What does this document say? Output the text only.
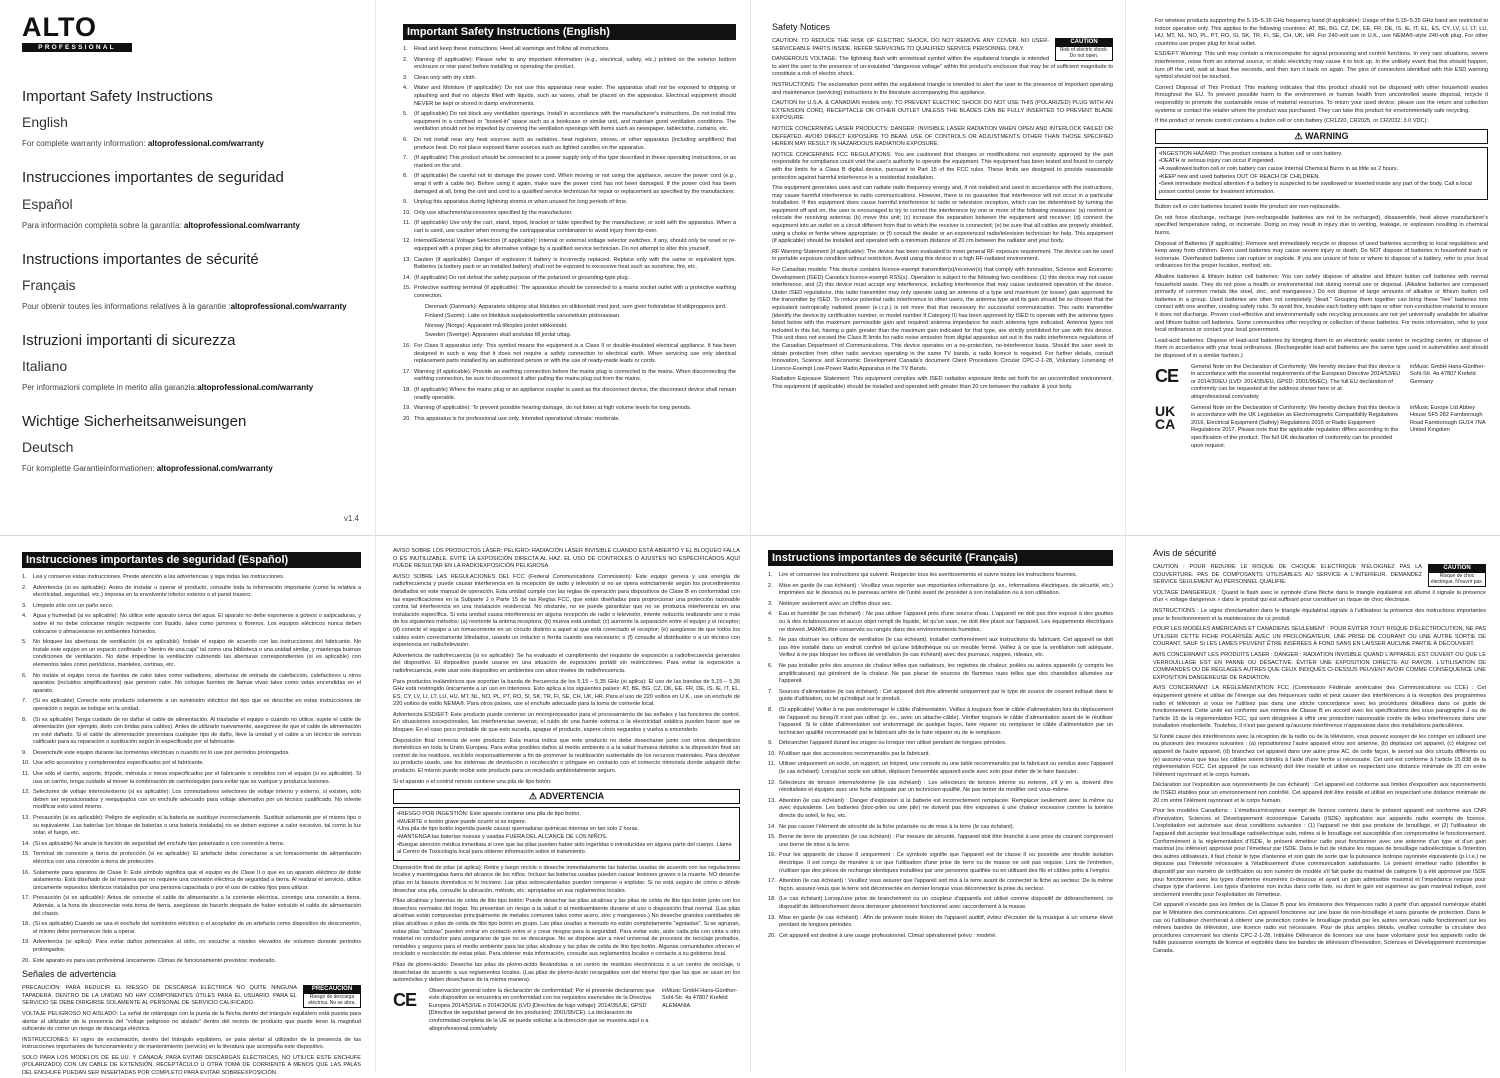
ALTO
PROFESSIONAL
Important Safety Instructions
English
For complete warranty information: altoprofessional.com/warranty
Instrucciones importantes de seguridad
Español
Para información completa sobre la garantía: altoprofessional.com/warranty
Instructions importantes de sécurité
Français
Pour obtenir toutes les informations relatives à la garantie :altoprofessional.com/warranty
Istruzioni importanti di sicurezza
Italiano
Per informazioni complete in merito alla garanzia:altoprofessional.com/warranty
Wichtige Sicherheitsanweisungen
Deutsch
Für komplette Garantieinformationen: altoprofessional.com/warranty
v1.4
Important Safety Instructions (English)
1.	Read and keep these instructions. Heed all warnings and follow all instructions.
2.	Warning (if applicable): Please refer to any important information (e.g., electrical, safety, etc.) printed on the exterior bottom enclosure or rear panel before installing or operating the product.
3.	Clean only with dry cloth.
4.	Water and Moisture (if applicable): Do not use this apparatus near water. The apparatus shall not be exposed to dripping or splashing and that no objects filled with liquids, such as vases, shall be placed on the apparatus. Electrical equipment should NEVER be kept or stored in damp environments.
5.	(If applicable) Do not block any ventilation openings. Install in accordance with the manufacturer's instructions. Do not install this equipment in a confined or "boxed-in" space such as a bookcase or similar unit, and maintain good ventilation conditions. The ventilation should not be impeded by covering the ventilation openings with items such as newspaper, tablecloths, curtains, etc.
6.	Do not install near any heat sources such as radiators, heat registers, stoves, or other apparatus (including amplifiers) that produce heat. Do not place exposed flame sources such as lighted candles on the apparatus.
7.	(If applicable) This product should be connected to a power supply only of the type described in these operating instructions, or as marked on the unit.
8.	(If applicable) Be careful not to damage the power cord. When moving or not using the appliance, secure the power cord (e.g., wrap it with a cable tie). Before using it again, make sure the power cord has not been damaged. If the power cord has been damaged at all, bring the unit and cord to a qualified service technician for repair or replacement as specified by the manufacturer.
9.	Unplug this apparatus during lightning storms or when unused for long periods of time.
10. Only use attachment/accessories specified by the manufacturer.
11. (If applicable) Use only the cart, stand, tripod, bracket or table specified by the manufacturer, or sold with the apparatus. When a cart is used, use caution when moving the cart/apparatus combination to avoid injury from tip-over.
12. Internal/External Voltage Selectors (if applicable): Internal or external voltage selector switches, if any, should only be reset or re-equipped with a proper plug for alternative voltage by a qualified service technician. Do not attempt to alter this yourself.
13. Caution (if applicable): Danger of explosion if battery is incorrectly replaced. Replace only with the same or equivalent type. Batteries (a battery pack or an installed battery) shall not be exposed to excessive heat such as sunshine, fire, etc.
14. (If applicable) Do not defeat the safety purpose of the polarized or grounding-type plug.
15. Protective earthing terminal (if applicable): The apparatus should be connected to a mains socket outlet with a protective earthing connection.
Denmark (Danmark): Apparatets stikprop skal tilsluttes en stikkontakt med jord, som giver forbindelse til stikproppens jord.
Finland (Suomi): Laite on liitettävä suojakoskettimilla varustettuun pistorasiaan.
Norway (Norge): Apparatet må tilkoples jordet stikkontakt.
Sweden (Sverige): Apparaten skall anslutas till jordat uttag.
16. For Class II apparatus only: This symbol means the equipment is a Class II or double-insulated electrical appliance. It has been designed in such a way that it does not require a safety connection to electrical earth. When servicing use only identical replacement parts installed by an authorized person or with the use of ready-made leads or cords.
17. Warning (if applicable): Provide an earthing connection before the mains plug is connected to the mains. When disconnecting the earthing connection, be sure to disconnect it after pulling the mains plug out from the mains.
18. (If applicable) Where the mains plug or an appliance coupler is used as the disconnect device, the disconnect device shall remain readily operable.
19. Warning (if applicable): To prevent possible hearing damage, do not listen at high volume levels for long periods.
20. This apparatus is for professional use only. Intended operational climate: moderate.
Safety Notices
CAUTION
Risk of electric shock. Do not open.

CAUTION: TO REDUCE THE RISK OF ELECTRIC SHOCK, DO NOT REMOVE ANY COVER. NO USER-SERVICEABLE PARTS INSIDE. REFER SERVICING TO QUALIFIED SERVICE PERSONNEL ONLY.

DANGEROUS VOLTAGE: The lightning flash with arrowhead symbol within the equilateral triangle is intended to alert the user to the presence of un-insulated "dangerous voltage" within the product's enclosure that may be of sufficient magnitude to constitute a risk of electric shock.

INSTRUCTIONS: The exclamation point within the equilateral triangle is intended to alert the user to the presence of important operating and maintenance (servicing) instructions in the literature accompanying this appliance.

CAUTION for U.S.A. & CANADIAN models only: TO PREVENT ELECTRIC SHOCK DO NOT USE THIS (POLARIZED) PLUG WITH AN EXTENSION CORD, RECEPTACLE OR OTHER OUTLET UNLESS THE BLADES CAN BE FULLY INSERTED TO PREVENT BLADE EXPOSURE.

NOTICE CONCERNING LASER PRODUCTS: DANGER: INVISIBLE LASER RADIATION WHEN OPEN AND INTERLOCK FAILED OR DEFEATED. AVOID DIRECT EXPOSURE TO BEAM. USE OF CONTROLS OR ADJUSTMENTS OTHER THAN THOSE SPECIFIED HEREIN MAY RESULT IN HAZARDOUS RADIATION EXPOSURE.

NOTICE CONCERNING FCC REGULATIONS: You are cautioned that changes or modifications not expressly approved by the part responsible for compliance could void the user's authority to operate the equipment. This equipment has been tested and found to comply with the limits for a Class B digital device, pursuant to Part 15 of the FCC rules. These limits are designed to provide reasonable protection against harmful interference in a residential installation.

This equipment generates uses and can radiate radio frequency energy and, if not installed and used in accordance with the instructions, may cause harmful interference to radio communications. However, there is no guarantee that interference will not occur in a particular installation. If this equipment does cause harmful interference to radio or television reception, which can be determined by turning the equipment off and on, the user is encouraged to try to correct the interference by one or more of the following measures: (a) reorient or relocate the receiving antenna; (b) move this unit; (c) increase the separation between the equipment and receiver; (d) connect the equipment into an outlet on a circuit different from that to which the receiver is connected; (e) be sure that all cables are properly shielded, using a choke or ferrite where appropriate; or (f) consult the dealer or an experienced radio/television technician for help. This equipment (if applicable) should be installed and operated with a minimum distance of 20 cm between the radiator and your body.

RF Warning Statement (if applicable): The device has been evaluated to meet general RF exposure requirement. The device can be used in portable exposure condition without restriction. Avoid using this device in a high RF-radiated environment.

For Canadian models: This device contains licence-exempt transmitter(s)/receiver(s) that comply with Innovation, Science and Economic Development (ISED) Canada's licence-exempt RSS(s). Operation is subject to the following two conditions: (1) this device may not cause interference, and (2) this device must accept any interference, including interference that may cause undesired operation of the device. Under ISED regulations, this radio transmitter may only operate using an antenna of a type and maximum (or lesser) gain approved for the transmitter by ISED. To reduce potential radio interference to other users, the antenna type and its gain should be so chosen that the equivalent isotropically radiated power (e.i.r.p.) is not more that that necessary for successful communication. This radio transmitter (identify the device by certification number, or model number if Category II) has been approved by ISED to operate with the antenna types listed below with the maximum permissible gain and required antenna impedance for each antenna type indicated. Antenna types not included in this list, having a gain greater than the maximum gain indicated for that type, are strictly prohibited for use with this device. This unit does not exceed the Class B limits for radio noise emission from digital apparatus set out in the radio interference regulations of the Canadian Department of Communications. This device operates on a no-protection, no-interference basis. Should the user seek to obtain protection from other radio services operating in the same TV bands, a radio licence is required. For further details, consult Innovation, Science and Economic Development Canada's document Client Procedures Circular CPC-2-1-28, Voluntary Licensing of Licence-Exempt Low-Power Radio Apparatus in the TV Bands.

Radiation Exposure Statement: This equipment complies with ISED radiation exposure limits set forth for an uncontrolled environment. This equipment (if applicable) should be installed and operated with greater than 20 cm between the radiator & your body.

For wireless products supporting the 5.15–5.35 GHz frequency band (if applicable): Usage of the 5.15–5.35 GHz band are restricted to indoor operation only. This applies to the following countries: AT, BE, BG, CZ, DK, EE, FR, DE, IS, IE, IT, EL, ES, CY, LV, LI, LT, LU, HU, MT, NL, NO, PL, PT, RO, SI, SK, TR, FI, SE, CH, UK, HR. For 240-volt use in U.K., use NEMA®-style 240-volt plug. For other countries use proper plug for local outlet.

ESD/EFT Warning: This unit may contain a microcomputer for signal processing and control functions. In very rare situations, severe interference, noise from an external source, or static electricity may cause it to lock up. In the unlikely event that this should happen, turn off the unit, wait at least five seconds, and then turn it back on again. The pins of connectors identified with this ESD warning symbol should not be touched.

Correct Disposal of This Product: This marking indicates that this product should not be disposed with other household wastes throughout the EU. To prevent possible harm to the environment or human health from uncontrolled waste disposal, recycle it responsibly to promote the sustainable reuse of material resources. To return your used device, please use the return and collection systems or contact the retailer where the product was purchased. They can take this product for environmentally safe recycling.

If the product or remote control contains a button cell or coin battery (CR1220, CR2025, or CR2032; 3.0 VDC):

⚠ WARNING
• INGESTION HAZARD: This product contains a button cell or coin battery.
• DEATH or serious injury can occur if ingested.
• A swallowed button cell or coin battery can cause Internal Chemical Burns in as little as 2 hours.
• KEEP new and used batteries OUT OF REACH OF CHILDREN.
• Seek immediate medical attention if a battery is suspected to be swallowed or inserted inside any part of the body. Call a local poison control center for treatment information.

Button cell or coin batteries located inside the product are non-replaceable.

Do not force discharge, recharge (non-rechargeable batteries are not to be recharged), disassemble, heat above manufacturer's specified temperature rating, or incinerate. Doing so may result in injury due to venting, leakage, or explosion resulting in chemical burns.

Disposal of Batteries (if applicable): Remove and immediately recycle or dispose of used batteries according to local regulations and keep away from children. Even used batteries may cause severe injury or death. Do NOT dispose of batteries in household trash or incinerate. Overheated batteries can rupture or explode. If you are unsure of how or where to dispose of a battery, refer to your local ordinances for the proper location, method, etc.

Alkaline batteries & lithium button cell batteries: You can safely dispose of alkaline and lithium button cell batteries with normal household waste. They do not pose a health or environmental risk during normal use or disposal. (Alkaline batteries are composed primarily of common metals like steel, zinc, and manganese.) Do not dispose of large amounts of alkaline or lithium button cell batteries in a group. Used batteries are often not completely "dead." Grouping them together can bring these "live" batteries into contact with one another, creating safety risks. To avoid this, insulate each battery with tape or other non-conductive material to ensure it does not discharge. Proven cost-effective and environmentally safe recycling processes are not yet universally available for alkaline and lithium button cell batteries. Some communities offer recycling or collection of these batteries. For more information, refer to your local ordinances or contact your local government.

Lead-acid batteries: Dispose of lead-acid batteries by bringing them to an electronic waste center or recycling center, or dispose of them in accordance with your local ordinances. (Rechargeable lead-acid batteries are the same type used in automobiles and should be disposed of in a similar fashion.)

CE	General Note on the Declaration of Conformity: We hereby declare that this device is in accordance with the essential requirements of the European Directive 2014/53/EU or 2014/30/EU (LVD: 2014/35/EU, GPSD: 2001/95/EC). The full EU declaration of conformity can be requested at the address shown here or at altoprofessional.com/safety
inMusic GmbH Hans-Günther-Sohl-Str. 4a 47807 Krefeld Germany
UK CA
General Note on the Declaration of Conformity: We hereby declare that this device is in accordance with the UK Legislation as Electromagnetic Compatibility Regulations 2016, Electrical Equipment (Safety) Regulations 2016 or Radio Equipment Regulations 2017. Please note that the applicable regulation differs according to the specification of the product. The full UK declaration of conformity can be provided upon request.
inMusic Europe Ltd Abbey House SF5 282 Farnborough Road Farnborough GU14 7NA United Kingdom
Instrucciones importantes de seguridad (Español)
1.	Lea y conserve estas instrucciones. Preste atención a las advertencias y siga todas las instrucciones.
2.	Advertencia (si es aplicable): Antes de instalar u operar el producto, consulte toda la información importante (como la relativa a electricidad, seguridad, etc.) impresa en la envolvente inferior exterior o el panel trasero.
3.	Límpielo sólo con un paño seco.
4.	Agua y humedad (si es aplicable): No utilice este aparato cerca del agua. El aparato no debe exponerse a goteos o salpicaduras, y sobre él no debe colocarse ningún recipiente con líquido, tales como jarrones o floreros. Los equipos eléctricos nunca deben colocarse o almacenarse en ambientes húmedos.
5.	No bloquee las aberturas de ventilación (si es aplicable). Instale el equipo de acuerdo con las instrucciones del fabricante. No instale este equipo en un espacio confinado o "dentro de una caja" tal como una biblioteca o una unidad similar, y mantenga buenas condiciones de ventilación. No debe impedirse la ventilación cubriendo las aberturas correspondientes (si es aplicable) con elementos tales como periódicos, manteles, cortinas, etc.
6.	No instale el equipo cerca de fuentes de calor tales como radiadores, aberturas de entrada de calefacción, calefactores u otros aparatos (incluidos amplificadores) que generen calor. No coloque fuentes de llamas vivas tales como velas encendidas en el aparato.
7.	(Si es aplicable) Conecte este producto solamente a un suministro eléctrico del tipo que se describe en estas instrucciones de operación o según se indique en la unidad.
8.	(Si es aplicable) Tenga cuidado de no dañar el cable de alimentación. Al trasladar el equipo o cuando no utilice, sujete el cable de alimentación (por ejemplo, átelo con bridas para cables). Antes de utilizarlo nuevamente, asegúrese de que el cable de alimentación no esté dañado. Si el cable de alimentación presentara cualquier tipo de daño, lleve la unidad y el cable a un técnico de servicio calificado para su reparación o sustitución según lo especificado por el fabricante.
9.	Desenchufe este equipo durante las tormentas eléctricas o cuando no lo use por períodos prolongados.
10. Use sólo accesorios y complementos especificados por el fabricante.
11. Use sólo el carrito, soporte, trípode, ménsula o mesa especificados por el fabricante o vendidos con el equipo (si es aplicable). Si usa un carrito, tenga cuidado al mover la combinación de carrito/equipo para evitar que se vuelque y produzca lesiones.
12. Selectores de voltaje interno/externo (si es aplicable): Los conmutadores selectores de voltaje interno y externo, si existen, sólo deben ser reposicionados y reequipados con un enchufe adecuado para voltaje alternativo por un técnico cualificado. No intente modificar esto usted mismo.
13. Precaución (si es aplicable): Peligro de explosión si la batería se sustituye incorrectamente. Sustituir solamente por el mismo tipo o su equivalente. Las baterías (un bloque de baterías o una batería instalada) no se deben exponer a calor excesivo, tal como la luz solar, el fuego, etc.
14. (Si es aplicable) No anule la función de seguridad del enchufe tipo polarizado o con conexión a tierra.
15. Terminal de conexión a tierra de protección (si es aplicable): El artefacto debe conectarse a un tomacorriente de alimentación eléctrica con una conexión a tierra de protección.
16. Solamente para aparatos de Clase II: Este símbolo significa que el equipo es de Clase II o que es un aparato eléctrico de doble aislamiento. Está diseñado de tal manera que no requiere una conexión eléctrica de seguridad a tierra. Al realizar el servicio, utilice únicamente repuestos idénticos instalados por una persona capacitada o por el uso de cables fijos para utilizar.
17. Precaución (si es aplicable): Antes de conectar el cable de alimentación a la corriente eléctrica, conmigo una conexión a tierra. Además, a la hora de desconectar esta toma de tierra, asegúrese de hacerlo después de haber extraído el cable de alimentación del chasis.
18. (Si es aplicable) Cuando se usa el enchufe del suministro eléctrico o el acoplador de un artefacto como dispositivo de desconexión, el mismo debe permanecer listo a operar.
19. Advertencia (si aplica): Para evitar daños potenciales al oído, no escuche a niveles elevados de volumen durante periodos prolongados.
20. Este aparato es para uso profesional únicamente. Climas de funcionamiento previstos: moderado.
Señales de advertencia
PRECAUCIÓN
Riesgo de descarga eléctrica. No se abra.

PRECAUCIÓN: PARA REDUCIR EL RIESGO DE DESCARGA ELÉCTRICA NO QUITE NINGUNA TAPADERA. DENTRO DE LA UNIDAD NO HAY COMPONENTES ÚTILES PARA EL USUARIO. PARA EL SERVICIO SE DEBE DIRIGIRSE SOLAMENTE AL PERSONAL DE SERVICIO CALIFICADO.

VOLTAJE PELIGROSO NO AISLADO: La señal de relámpago con la punta de la flecha dentro del triángulo equilátero está puesta para alertar al utilizador de la presencia del "voltaje peligroso no aislado" dentro del recinto de producto que puede tener la magnitud suficiente de correr un riesgo de descarga eléctrica.

INSTRUCCIONES: El signo de exclamación, dentro del triángulo equilátero, se para alertar al utilizador de la presencia de las instrucciones importantes de funcionamiento y de mantenimiento (servicio) en la literatura que acompaña este dispositivo.

SOLO PARA LOS MODELOS DE EE.UU. Y CANADÁ: PARA EVITAR DESCARGAS ELÉCTRICAS, NO UTILICE ESTE ENCHUFE (POLARIZADO) CON UN CABLE DE EXTENSIÓN, RECEPTÁCULO U OTRA TOMA DE CORRIENTE A MENOS QUE LAS PALAS DEL ENCHUFE PUEDAN SER INSERTADAS POR COMPLETO PARA EVITAR SOBREEXPOSICIÓN.

AVISO SOBRE LOS PRODUCTOS LÁSER: PELIGRO: RADIACIÓN LÁSER INVISIBLE CUANDO ESTÁ ABIERTO Y EL BLOQUEO FALLA O ES INUTILIZABLE. EVITE LA EXPOSICIÓN DIRECTA AL HAZ. EL USO DE CONTROLES O AJUSTES NO ESPECIFICADOS AQUÍ PUEDE RESULTAR EN LA RADIOEXPOSICIÓN PELIGROSA.

AVISO SOBRE LAS REGULACIONES DEL FCC (Federal Communications Commission): Este equipo genera y usa energía de radiofrecuencia y puede causar interferencia en la recepción de radio y televisión si no se opera estrictamente según los procedimientos detallados en este manual de operación. Esta unidad cumple con las reglas de operación para dispositivos de Clase B en conformidad con las especificaciones en la Subparte J o Parte 15 de las Reglas FCC, que están diseñadas para proporcionar una protección razonable contra tal interferencia en una instalación residencial. No obstante, no se puede garantizar que no se produzca interferencia en una instalación específica. Si esta unidad causa interferencia en alguna recepción de radio o televisión, intente reducirla realizando uno o más de los siguientes métodos: (a) reoriente la antena receptora; (b) mueva esta unidad; (c) aumente la separación entre el equipo y el receptor; (d) conecte el equipo a un tomacorriente en un circuito distinto a aquel al que está conectado el receptor; (e) asegúrese de que todos los cables estén correctamente blindados, usando un inductor o ferrita cuando sea necesario; o (f) consulte al distribuidor o a un técnico con experiencia en radio/televisión.

Advertencia de radiofrecuencia (si es aplicable): Se ha evaluado el cumplimiento del requisito de exposición a radiofrecuencia generales del dispositivo. El dispositivo puede usarse en una situación de exposición portátil sin restricciones. Para evitar la exposición a radiofrecuencia, evite usar este dispositivo en ambientes con altos niveles de radiofrecuencia.

Para productos inalámbricos que soportan la banda de frecuencia de los 5,15 – 5,35 GHz (si aplica): El uso de las bandas de 5,15 – 5,35 GHz está restringido únicamente a un uso en interiores. Esto aplica a los siguientes países: AT, BE, BG, CZ, DK, EE, FR, DE, IS, IE, IT, EL, ES, CY, LV, LI, LT, LU, HU, MT, NL, NO, PL, PT, RO, SI, SK, TR, FI, SE, CH, UK, HR. Para el uso de 220 voltios en U.K., use un enchufe de 220 voltios de estilo NEMA®. Para otros países, use el enchufe adecuado para la toma de corriente local.

Advertencia ESD/EFT: Este producto puede contener un microprocesador para el procesamiento de las señales y las funciones de control. En situaciones excepcionales, las interferencias severas, el ruido de una fuente externa o la electricidad estática pueden hacer que se bloquee. En el caso poco probable de que esto suceda, apague el producto, espere cinco segundos y vuelva a encenderlo.

Disposición final correcta de este producto: Esta marca indica que este producto no debe desecharse junto con otros desperdicios domésticos en toda la Unión Europea. Para evitar posibles daños al medio ambiente o a la salud humana debidos a la disposición final sin control de los residuos, recíclelo responsablemente a fin de promover la reutilización sustentable de los recursos materiales. Para devolver su producto usado, use los sistemas de devolución o recolección o póngase en contacto con el comercio minorista donde adquirió dicho producto. El mismo puede recibir este producto para un reciclado ambientalmente seguro.

Si el aparato o el control remoto contiene una pila de tipo botón:

⚠ ADVERTENCIA
• RIESGO POR INGESTIÓN: Este aparato contiene una pila de tipo botón.
• MUERTE o lesión grave puede ocurrir si se ingiere.
• Una pila de tipo botón ingerida puede causar quemaduras químicas internas en tan solo 2 horas.
• MANTENGA las baterías nuevas y usadas FUERA DEL ALCANCE DE LOS NIÑOS.
• Busque atención médica inmediata si cree que las pilas pueden haber sido ingeridas o introducidas en alguna parte del cuerpo. Llame al Centro de Toxicología local para obtener información sobre el tratamiento.

Disposición final de pilas (si aplica): Retire y luego recicle o deseche inmediatamente las baterías usadas de acuerdo con las regulaciones locales y manténgalas fuera del alcance de los niños. Incluso las baterías usadas pueden causar lesiones graves o la muerte. NO deseche pilas en la basura doméstica ni lo incinere. Las pilas sobrecalentadas pueden romperse o explotar. Si no está seguro de cómo o dónde desechar una pila, consulte la ubicación, método, etc. apropiados en sus reglamentos locales.

Pilas alcalinas y baterías de celda de litio tipo botón: Puede desechar las pilas alcalinas y las pilas de celda de litio tipo botón junto con los desechos normales del hogar. No presentan un riesgo a la salud o al medioambiente durante el uso o disposición final normal. (Las pilas alcalinas están compuestas principalmente de metales comunes tales como acero, zinc y manganeso.) No deseche grandes cantidades de pilas alcalinas o pilas de celda de litio tipo botón en grupo. Las pilas usadas a menudo no están completamente "agotadas". Si se agrupan, estas pilas "activas" pueden entrar en contacto entre sí y crear riesgos para la seguridad. Para evitar esto, aísle cada pila con cinta u otro material no conductor para asegurarse de que no se descargue. No se dispone aún a nivel universal de procesos de reciclaje probados, rentables y seguros para el medio ambiente para las pilas alcalinas y las pilas de celda de litio tipo botón. Algunas comunidades ofrecen el reciclado o recolección de estas pilas. Para obtener más información, consulte sus reglamentos locales o contacte a su gobierno local.

Pilas de plomo-ácido: Deseche las pilas de plomo-ácido llevándolas a un centro de residuos electrónicos o a un centro de reciclaje, o deséchelas de acuerdo a sus reglamentos locales. (Las pilas de plomo-ácido recargables son del mismo tipo que las que se usan en los automóviles y deben desecharse de la misma manera).

CE	Observación general sobre la declaración de conformidad: Por el presente declaramos que este dispositivo se encuentra en conformidad con los requisitos esenciales de la Directiva Europea 2014/53/UE o 2014/30/UE (LVD [Directiva de bajo voltaje]: 2014/35/UE; GPSD [Directiva de seguridad general de los productos]: 2001/95/CE). La declaración de conformidad completa de la UE se puede solicitar a la dirección que se muestra aquí o a altoprofessional.com/safety
inMusic GmbH Hans-Günther-Sohl-Str. 4a 47807 Krefeld ALEMANIA
Instructions importantes de sécurité (Français)
1.	Lire et conserver les instructions qui suivent. Respecter tous les avertissements et suivre toutes les instructions fournies.
2.	Mise en garde (le cas échéant) : Veuillez vous reporter aux importantes informations (p. ex., informations électriques, de sécurité, etc.) imprimées sur le dessous ou le panneau arrière de l'unité avant de procéder à son installation ou à son utilisation.
3.	Nettoyer seulement avec un chiffon doux sec.
4.	Eau et humidité (le cas échéant) : Ne pas utiliser l'appareil près d'une source d'eau. L'appareil ne doit pas être exposé à des gouttes ou à des éclaboussures et aucun objet rempli de liquide, tel qu'un vase, ne doit être placé sur l'appareil. Les équipements électriques ne doivent JAMAIS être conservés ou rangés dans des environnements humides.
5.	Ne pas obstruer les orifices de ventilation (le cas échéant). Installer conformément aux instructions du fabricant. Cet appareil ne doit pas être installé dans un endroit confiné tel qu'une bibliothèque ou un meuble fermé. Veillez à ce que la ventilation soit adéquate. Veillez à ne pas bloquer les orifices de ventilation (le cas échéant) avec des journaux, nappes, rideaux, etc.
6.	Ne pas installer près des sources de chaleur telles que radiateurs, les registres de chaleur, poêles ou autres appareils (y compris les amplificateurs) qui génèrent de la chaleur. Ne pas placer de sources de flammes nues telles que des chandelles allumées sur l'appareil.
7.	Sources d'alimentation (le cas échéant) : Cet appareil doit être alimenté uniquement par le type de source de courant indiqué dans le guide d'utilisation, ou tel qu'indiqué sur le produit.
8.	(Si applicable) Veiller à ne pas endommager le câble d'alimentation. Veillez à toujours fixer le câble d'alimentation lors du déplacement de l'appareil ou lorsqu'il n'est pas utilisé (p. ex., avec un attache-câble). Vérifier toujours le câble d'alimentation avant de le réutiliser l'appareil. Si le câble d'alimentation est endommagé de quelque façon, faire réparer ou remplacer le câble d'alimentation par un technicien qualifié recommandé par le fabricant afin de le faire réparer ou de le remplacer.
9.	Débrancher l'appareil durant les orages ou lorsque non utilisé pendant de longues périodes.
10. N'utiliser que des accessoires recommandés par le fabricant.
11. Utiliser uniquement un socle, un support, un trépied, une console ou une table recommandés par le fabricant ou vendus avec l'appareil (le cas échéant). Lorsqu'un socle est utilisé, déplacer l'ensemble appareil-socle avec soin pour éviter de le faire basculer.
12. Sélecteurs de tension interne/externe (le cas échéant) : Les sélecteurs de tension interne ou externe, s'il y en a, doivent être réinitialisés et équipés avec une fiche adéquate par un technicien qualifié. Ne pas tenter de modifier ceci vous-même.
13. Attention (le cas échéant) : Danger d'explosion si la batterie est incorrectement remplacée. Remplacer seulement avec la même ou avec équivalente. Les batteries (bloc-piles ou une pile) ne doivent pas être exposées à une chaleur excessive comme la lumière directe du soleil, le feu, etc.
14. Ne pas casser l'élément de sécurité de la fiche polarisée ou de mise à la terre (le cas échéant).
15. Borne de terre de protection (le cas échéant) : Par mesure de sécurité, l'appareil doit être branché à une prise de courant comprenant une borne de mise à la terre.
16. Pour les appareils de classe II uniquement : Ce symbole signifie que l'appareil est de classe II ou possède une double isolation électrique. Il est conçu de manière à ce que l'utilisation d'une prise de terre ou de masse ne soit pas requise. Lors de l'entretien, n'utiliser que des pièces de rechange identiques installées par une personne qualifiée ou en utilisant des fils et câbles prêts à l'emploi.
17. Attention (le cas échéant) : Veuillez vous assurer que l'appareil soit mis à la terre avant de connecter la fiche au secteur. De la même façon, assurez-vous que la terre soit déconnectée en dernier lorsque vous déconnectez la prise du secteur.
18. (Le cas échéant) Lorsqu'une prise de branchement ou un coupleur d'appareils est utilisé comme dispositif de débranchement, ce dispositif de débranchement devra demeurer pleinement fonctionnel avec raccordement à la masse.
19. Mise en garde (le cas échéant) : Afin de prévenir toute lésion de l'appareil auditif, évitez d'écouter de la musique à un volume élevé pendant de longues périodes.
20. Cet appareil est destiné à une usage professionnel. Climat opérationnel prévu : modéré.
Avis de sécurité
CAUTION
Risque de choc électrique. N'ouvrir pas.

CAUTION : POUR REDUIRE LE RISQUE DE CHOQUE ELECTRIQUE N'ELOIGNEZ PAS LA COUVERTURE. PAS DE COMPOSANTS UTILISABLES AU SERVICE A L'INTERIEUR. DEMANDEZ SERVICE SEULEMENT AU PERSONNEL QUALIFIE.

VOLTAGE DANGEREUX : Quand le flash avec le symbole d'une flèche dans le triangle équilatéral est allumé il signale la présence d'un « voltage dangereux » dans le produit qui est suffisant pour constituer un risque de choc électrique.

INSTRUCTIONS : Le signe d'exclamation dans le triangle équilatéral signale à l'utilisateur la présence des instructions importantes pour le fonctionnement et la maintenance de ce produit.

POUR LES MODÈLES AMÉRICAINS ET CANADIENS SEULEMENT : POUR ÉVITER TOUT RISQUE D'ÉLECTROCUTION, NE PAS UTILISER CETTE FICHE POLARISÉE AVEC UN PROLONGATEUR, UNE PRISE DE COURANT OU UNE AUTRE SORTIE DE COURANT, SAUF SI LES LAMES PEUVENT ÊTRE INSÉRÉES À FOND SANS EN LAISSER AUCUNE PARTIE À DÉCOUVERT.

AVIS CONCERNANT LES PRODUITS LASER : DANGER : RADIATION INVISIBLE QUAND L'APPAREIL EST OUVERT OU QUE LE VERROUILLAGE EST EN PANNE OU DÉSACTIVÉ. ÉVITER UNE EXPOSITION DIRECTE AU RAYON. L'UTILISATION DE COMMANDES OU DE RÉGLAGES AUTRES QUE CEUX INDIQUÉS CI-DESSUS PEUVENT AVOIR COMME CONSÉQUENCE UNE EXPOSITION DANGEREUSE DE RADIATION.

AVIS CONCERNANT LA RÉGLEMENTATION FCC (Commission Fédérale américaine des Communications ou CCE) : Cet équipement génère et utilise de l'énergie sur des fréquences radio et peut causer des interférences à la réception des programmes radio et télévision si vous ne l'utilisez pas dans une stricte concordance avec les procédures détaillées dans ce guide de fonctionnement. Cette unité est conforme aux normes de Classe B en accord avec les spécifications des sous paragraphe J ou de l'article 15 de la réglementation FCC, qui sont désignées à offrir une protection raisonnable contre de telles interférences dans une installation résidentielle. Toutefois, il n'est pas garanti qu'aucune interférence n'apparaisse dans des installations particulières.

Si l'unité cause des interférences avec la réception de la radio ou de la télévision, vous pouvez essayer de les corriger en utilisant une ou plusieurs des mesures suivantes : (a) repositionnez l'autre appareil et/ou son antenne, (b) déplacez cet appareil, (c) éloignez cet appareil de l'autre appareil, (d) branchez cet appareil dans une autre prise AC, de cette façon, le seront sur des circuits différents ou (e) assurez-vous que tous les câbles soient blindés à l'aide d'une ferrite si nécessaire. Cet unit est conforme à l'article 15.838 de la réglementation FCC. Cet appareil (le cas échéant) doit être installé et utilisé en respectant une distance minimale de 20 cm entre l'élément rayonnant et le corps humain.

Déclaration sur l'exposition aux rayonnements (le cas échéant) : Cet appareil est conforme aux limites d'exposition aux rayonnements de l'ISED établies pour un environnement non contrôlé. Cet appareil doit être installé et utilisé en respectant une distance minimale de 20 cm entre l'élément rayonnant et le corps humain.

Pour les modèles Canadiens : L'émetteur/récepteur exempt de licence contenu dans le présent appareil est conforme aux CNR d'Innovation, Sciences et Développement économique Canada (ISDE) applicables aux appareils radio exempts de licence. L'exploitation est autorisée aux deux conditions suivantes : (1) l'appareil ne doit pas produire de brouillage, et (2) l'utilisateur de l'appareil doit accepter tout brouillage radioélectrique subi, même si le brouillage est susceptible d'en compromettre le fonctionnement. Conformément à la réglementation d'ISDE, le présent émetteur radio peut fonctionner avec une antenne d'un type et d'un gain maximal (ou inférieur) approuvé pour l'émetteur par ISDE. Dans le but de réduire les risques de brouillage radioélectrique à l'intention des autres utilisateurs, il faut choisir le type d'antenne et son gain de sorte que la puissance isotrope rayonnée équivalente (p.i.r.e.) ne dépasse pas l'intensité nécessaire à l'établissement d'une communication satisfaisante. Le présent émetteur radio (identifier le dispositif par son numéro de certification ou son numéro de modèle s'il fait partie du matériel de catégorie I) a été approuvé par ISDE pour fonctionner avec les types d'antenne énumérés ci-dessous et ayant un gain admissible maximal et l'impédance requise pour chaque type d'antenne. Les types d'antenne non inclus dans cette liste, ou dont le gain est supérieur au gain maximal indiqué, sont strictement interdits pour l'exploitation de l'émetteur.

Cet appareil n'excède pas les limites de la Classe B pour les émissions des fréquences radio à partir d'un appareil numérique établit par le Ministère des communications. Cet appareil fonctionne sur une base de non-brouillage et sans garantie de protection. Dans le cas où l'utilisateur chercherait à obtenir une protection contre le brouillage produit par les autres services radio fonctionnant sur les mêmes bandes de télévision, une licence radio est nécessaire. Pour de plus amples détails, veuillez consulter la circulaire des procédures concernant les clients CPC-2-1-28, Intitulée Délivrance de licences sur une base volontaire pour les appareils radio de faible puissance exempts de licence et exploités dans les bandes de télévision d'Innovation, Sciences et Développement économique Canada.
